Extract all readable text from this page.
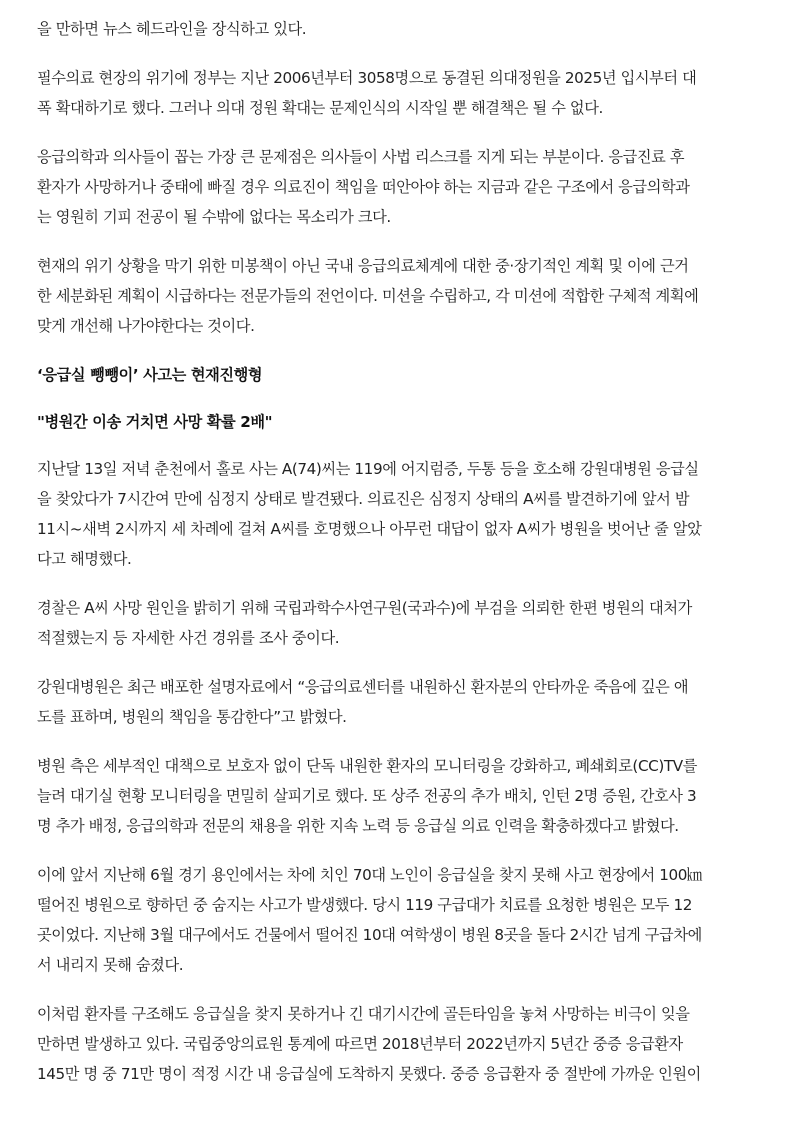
을 만하면 뉴스 헤드라인을 장식하고 있다.

필수의료 현장의 위기에 정부는 지난 2006년부터 3058명으로 동결된 의대정원을 2025년 입시부터 대
폭 확대하기로 했다. 그러나 의대 정원 확대는 문제인식의 시작일 뿐 해결책은 될 수 없다.

응급의학과 의사들이 꼽는 가장 큰 문제점은 의사들이 사법 리스크를 지게 되는 부분이다. 응급진료 후
환자가 사망하거나 중태에 빠질 경우 의료진이 책임을 떠안아야 하는 지금과 같은 구조에서 응급의학과
는 영원히 기피 전공이 될 수밖에 없다는 목소리가 크다.

현재의 위기 상황을 막기 위한 미봉책이 아닌 국내 응급의료체계에 대한 중·장기적인 계획 및 이에 근거
한 세분화된 계획이 시급하다는 전문가들의 전언이다. 미션을 수립하고, 각 미션에 적합한 구체적 계획에
맞게 개선해 나가야한다는 것이다.

‘응급실 뺑뺑이’ 사고는 현재진행형

"병원간 이송 거치면 사망 확률 2배"

지난달 13일 저녁 춘천에서 홀로 사는 A(74)씨는 119에 어지럼증, 두통 등을 호소해 강원대병원 응급실
을 찾았다가 7시간여 만에 심정지 상태로 발견됐다. 의료진은 심정지 상태의 A씨를 발견하기에 앞서 밤
11시~새벽 2시까지 세 차례에 걸쳐 A씨를 호명했으나 아무런 대답이 없자 A씨가 병원을 벗어난 줄 알았
다고 해명했다.

경찰은 A씨 사망 원인을 밝히기 위해 국립과학수사연구원(국과수)에 부검을 의뢰한 한편 병원의 대처가
적절했는지 등 자세한 사건 경위를 조사 중이다.

강원대병원은 최근 배포한 설명자료에서 “응급의료센터를 내원하신 환자분의 안타까운 죽음에 깊은 애
도를 표하며, 병원의 책임을 통감한다”고 밝혔다.

병원 측은 세부적인 대책으로 보호자 없이 단독 내원한 환자의 모니터링을 강화하고, 폐쇄회로(CC)TV를
늘려 대기실 현황 모니터링을 면밀히 살피기로 했다. 또 상주 전공의 추가 배치, 인턴 2명 증원, 간호사 3
명 추가 배정, 응급의학과 전문의 채용을 위한 지속 노력 등 응급실 의료 인력을 확충하겠다고 밝혔다.

이에 앞서 지난해 6월 경기 용인에서는 차에 치인 70대 노인이 응급실을 찾지 못해 사고 현장에서 100㎞
떨어진 병원으로 향하던 중 숨지는 사고가 발생했다. 당시 119 구급대가 치료를 요청한 병원은 모두 12
곳이었다. 지난해 3월 대구에서도 건물에서 떨어진 10대 여학생이 병원 8곳을 돌다 2시간 넘게 구급차에
서 내리지 못해 숨졌다.

이처럼 환자를 구조해도 응급실을 찾지 못하거나 긴 대기시간에 골든타임을 놓쳐 사망하는 비극이 잊을
만하면 발생하고 있다. 국립중앙의료원 통계에 따르면 2018년부터 2022년까지 5년간 중증 응급환자
145만 명 중 71만 명이 적정 시간 내 응급실에 도착하지 못했다. 중증 응급환자 중 절반에 가까운 인원이
